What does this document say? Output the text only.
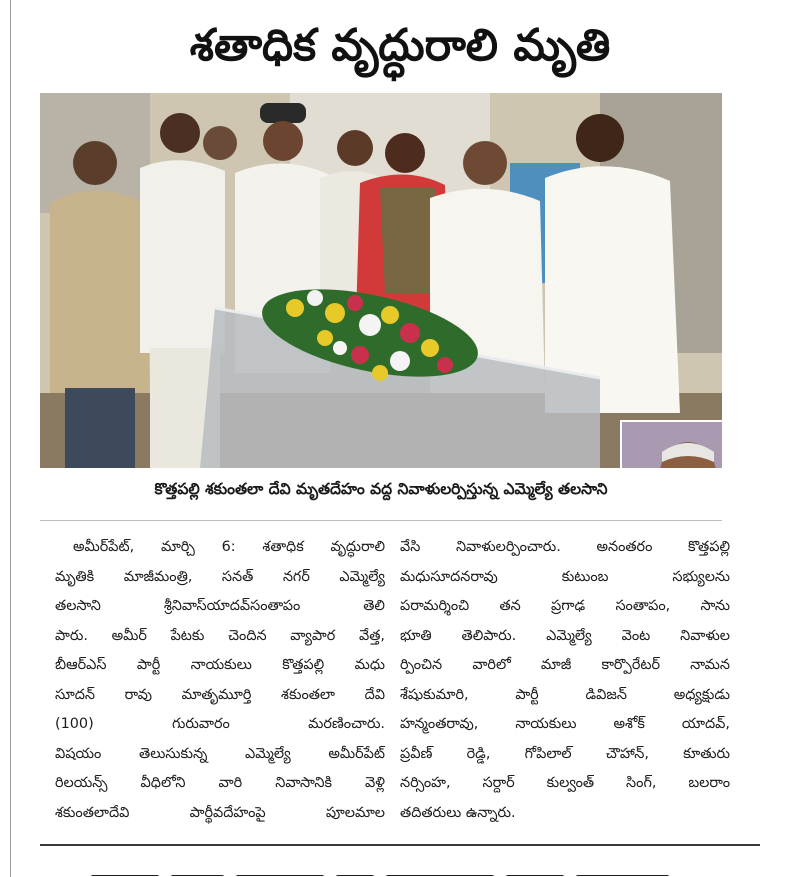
శతాధిక వృద్ధురాలి మృతి
కొత్తపల్లి శకుంతలా దేవి మృతదేహం వద్ద నివాళులర్పిస్తున్న ఎమ్మెల్యే తలసాని
అమీర్‌పేట్, మార్చి 6: శతాధిక వృద్ధురాలి
మృతికి మాజీమంత్రి, సనత్ నగర్ ఎమ్మెల్యే
తలసాని శ్రీనివాస్‌యాదవ్‌సంతాపం తెలి
పారు. అమీర్ పేటకు చెందిన వ్యాపార వేత్త,
బీఆర్‌ఎస్ పార్టీ నాయకులు కొత్తపల్లి మధు
సూదన్ రావు మాతృమూర్తి శకుంతలా దేవి
(100) గురువారం మరణించారు.
విషయం తెలుసుకున్న ఎమ్మెల్యే అమీర్‌పేట్
రిలయన్స్ వీధిలోని వారి నివాసానికి వెళ్లి
శకుంతలాదేవి పార్థీవదేహంపై పూలమాల
వేసి నివాళులర్పించారు. అనంతరం కొత్తపల్లి
మధుసూదనరావు కుటుంబ సభ్యులను
పరామర్శించి తన ప్రగాఢ సంతాపం, సాను
భూతి తెలిపారు. ఎమ్మెల్యే వెంట నివాళుల
ర్పించిన వారిలో మాజీ కార్పొరేటర్ నామన
శేషుకుమారి, పార్టీ డివిజన్ అధ్యక్షుడు
హన్మంతరావు, నాయకులు అశోక్ యాదవ్,
ప్రవీణ్ రెడ్డి, గోపిలాల్ చౌహాన్, కూతురు
నర్సింహ, సర్దార్ కుల్వంత్ సింగ్, బలరాం
తదితరులు ఉన్నారు.
